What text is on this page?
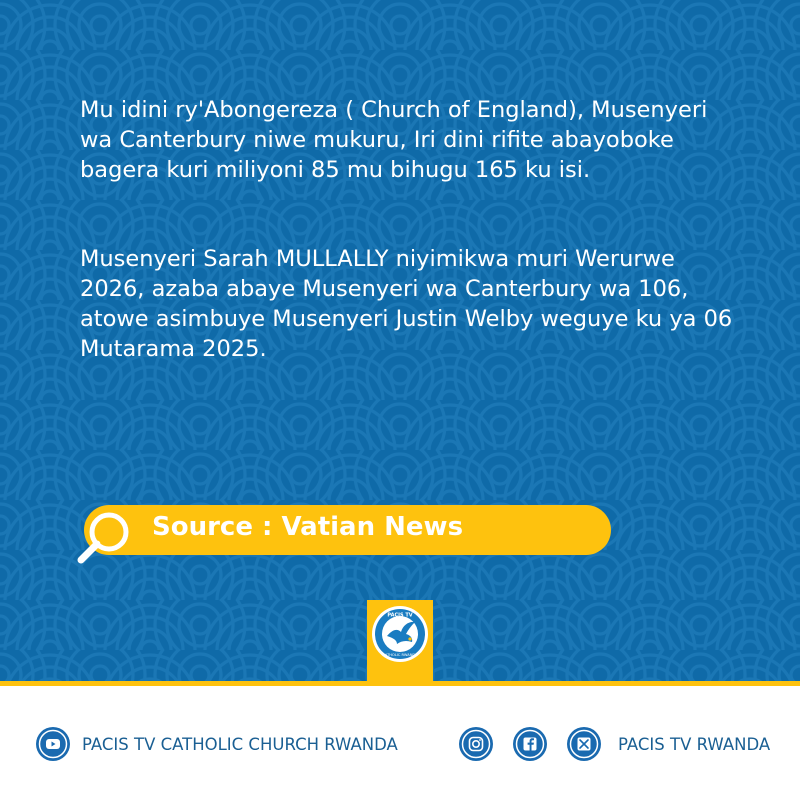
Mu idini ry'Abongereza ( Church of England), Musenyeri wa Canterbury niwe mukuru, Iri dini rifite abayoboke bagera kuri miliyoni 85 mu bihugu 165 ku isi.

Musenyeri Sarah MULLALLY niyimikwa muri Werurwe 2026, azaba abaye Musenyeri wa Canterbury wa 106, atowe asimbuye Musenyeri Justin Welby weguye ku ya 06 Mutarama 2025.

Source : Vatian News
PACIS TV
CATHOLIC RWANDA
PACIS TV CATHOLIC CHURCH RWANDA	PACIS TV RWANDA
